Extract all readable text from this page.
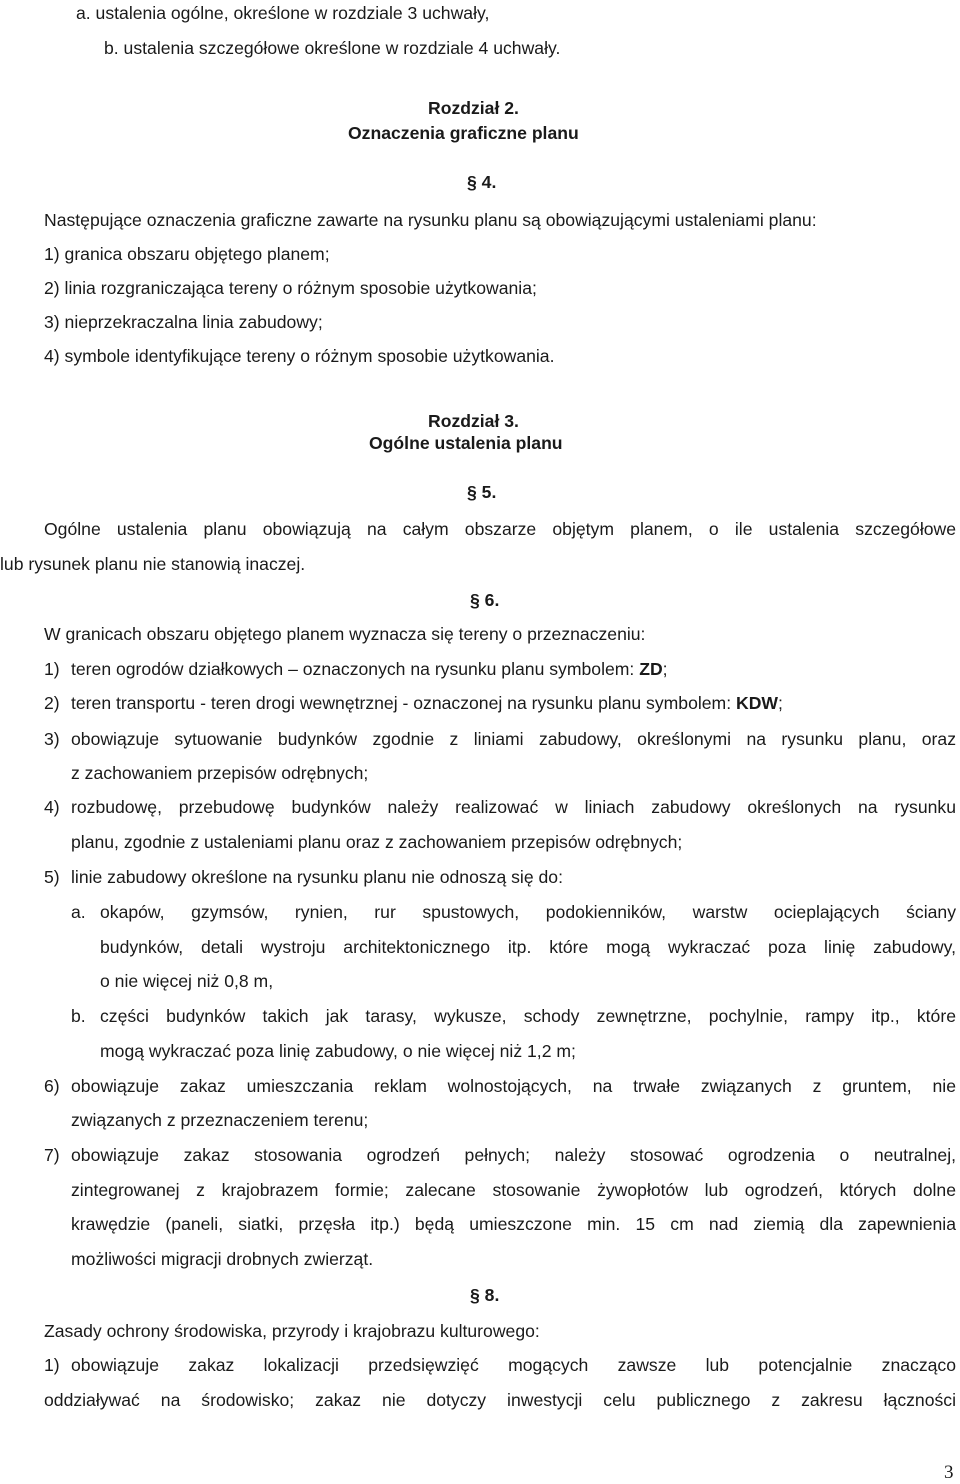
a. ustalenia ogólne, określone w rozdziale 3 uchwały,
b. ustalenia szczegółowe określone w rozdziale 4 uchwały.
Rozdział 2.
Oznaczenia graficzne planu
§ 4.
Następujące oznaczenia graficzne zawarte na rysunku planu są obowiązującymi ustaleniami planu:
1) granica obszaru objętego planem;
2) linia rozgraniczająca tereny o różnym sposobie użytkowania;
3) nieprzekraczalna linia zabudowy;
4) symbole identyfikujące tereny o różnym sposobie użytkowania.
Rozdział 3.
Ogólne ustalenia planu
§ 5.
Ogólne ustalenia planu obowiązują na całym obszarze objętym planem, o ile ustalenia szczegółowe
lub rysunek planu nie stanowią inaczej.
§ 6.
W granicach obszaru objętego planem wyznacza się tereny o przeznaczeniu:
1) teren ogrodów działkowych – oznaczonych na rysunku planu symbolem: ZD;
2) teren transportu - teren drogi wewnętrznej - oznaczonej na rysunku planu symbolem: KDW;
3) obowiązuje sytuowanie budynków zgodnie z liniami zabudowy, określonymi na rysunku planu, oraz
z zachowaniem przepisów odrębnych;
4) rozbudowę, przebudowę budynków należy realizować w liniach zabudowy określonych na rysunku
planu, zgodnie z ustaleniami planu oraz z zachowaniem przepisów odrębnych;
5) linie zabudowy określone na rysunku planu nie odnoszą się do:
a. okapów, gzymsów, rynien, rur spustowych, podokienników, warstw ocieplających ściany
budynków, detali wystroju architektonicznego itp. które mogą wykraczać poza linię zabudowy,
o nie więcej niż 0,8 m,
b. części budynków takich jak tarasy, wykusze, schody zewnętrzne, pochylnie, rampy itp., które
mogą wykraczać poza linię zabudowy, o nie więcej niż 1,2 m;
6) obowiązuje zakaz umieszczania reklam wolnostojących, na trwałe związanych z gruntem, nie
związanych z przeznaczeniem terenu;
7) obowiązuje zakaz stosowania ogrodzeń pełnych; należy stosować ogrodzenia o neutralnej,
zintegrowanej z krajobrazem formie; zalecane stosowanie żywopłotów lub ogrodzeń, których dolne
krawędzie (paneli, siatki, przęsła itp.) będą umieszczone min. 15 cm nad ziemią dla zapewnienia
możliwości migracji drobnych zwierząt.
§ 8.
Zasady ochrony środowiska, przyrody i krajobrazu kulturowego:
1) obowiązuje zakaz lokalizacji przedsięwzięć mogących zawsze lub potencjalnie znacząco
oddziaływać na środowisko; zakaz nie dotyczy inwestycji celu publicznego z zakresu łączności
3
